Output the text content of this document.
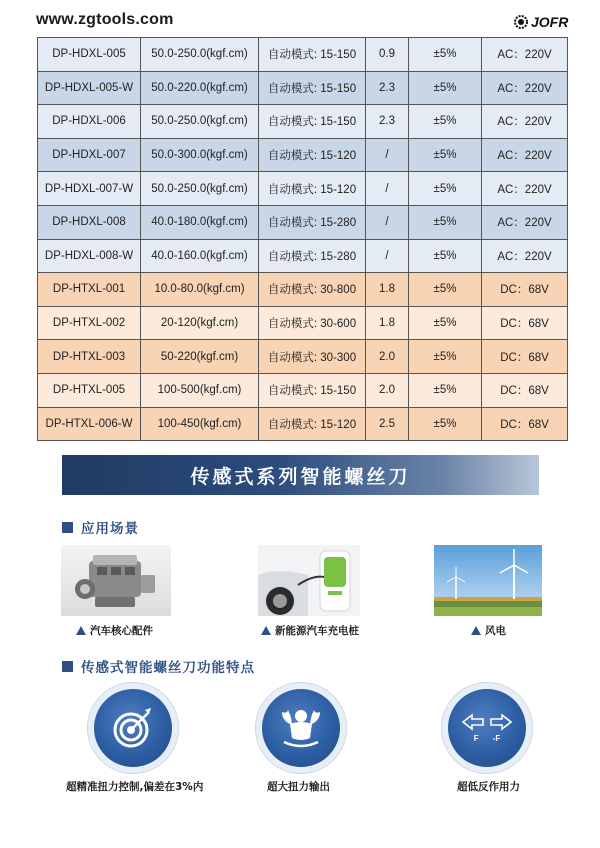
www.zgtools.com	JOFR
DP-HDXL-005	50.0-250.0(kgf.cm)	自动模式: 15-150	0.9	±5%	AC：220V
DP-HDXL-005-W	50.0-220.0(kgf.cm)	自动模式: 15-150	2.3	±5%	AC：220V
DP-HDXL-006	50.0-250.0(kgf.cm)	自动模式: 15-150	2.3	±5%	AC：220V
DP-HDXL-007	50.0-300.0(kgf.cm)	自动模式: 15-120	/	±5%	AC：220V
DP-HDXL-007-W	50.0-250.0(kgf.cm)	自动模式: 15-120	/	±5%	AC：220V
DP-HDXL-008	40.0-180.0(kgf.cm)	自动模式: 15-280	/	±5%	AC：220V
DP-HDXL-008-W	40.0-160.0(kgf.cm)	自动模式: 15-280	/	±5%	AC：220V
DP-HTXL-001	10.0-80.0(kgf.cm)	自动模式: 30-800	1.8	±5%	DC：68V
DP-HTXL-002	20-120(kgf.cm)	自动模式: 30-600	1.8	±5%	DC：68V
DP-HTXL-003	50-220(kgf.cm)	自动模式: 30-300	2.0	±5%	DC：68V
DP-HTXL-005	100-500(kgf.cm)	自动模式: 15-150	2.0	±5%	DC：68V
DP-HTXL-006-W	100-450(kgf.cm)	自动模式: 15-120	2.5	±5%	DC：68V
传感式系列智能螺丝刀
应用场景
汽车核心配件	新能源汽车充电桩	风电
传感式智能螺丝刀功能特点
超精准扭力控制,偏差在3%内	超大扭力输出
F -F
超低反作用力
